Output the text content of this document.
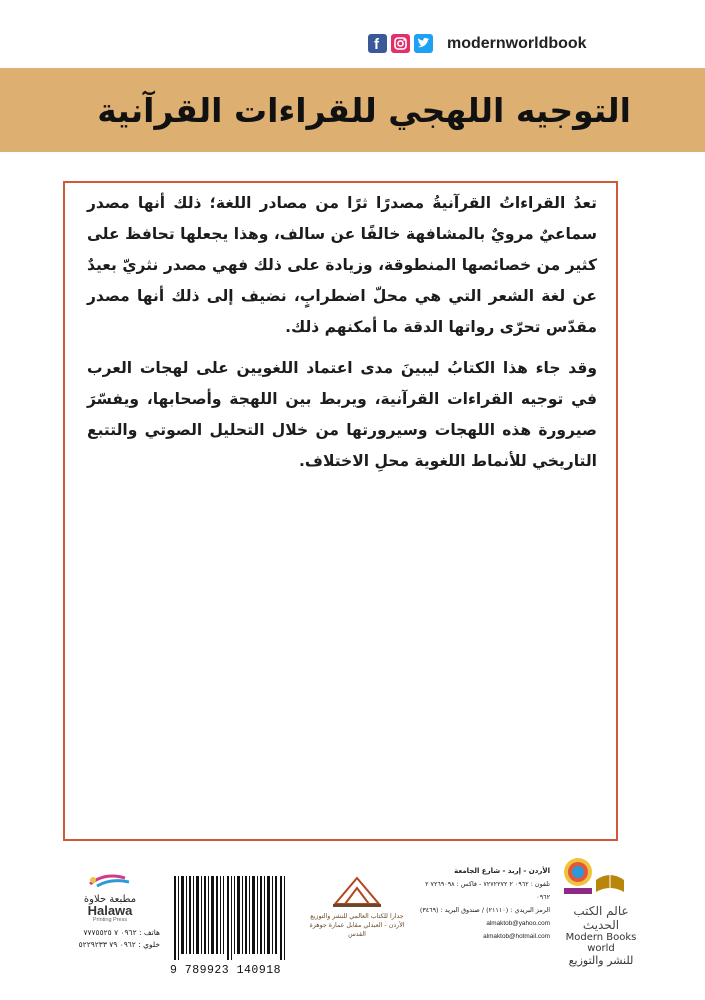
f	modernworldbook
التوجيه اللهجي للقراءات القرآنية

تعدُ القراءاتُ القرآنيةُ مصدرًا ثرًا من مصادر اللغة؛ ذلك أنها مصدر سماعيٌ مرويٌ بالمشافهة خالفًا عن سالف، وهذا يجعلها تحافظ على كثير من خصائصها المنطوقة، وزيادة على ذلك فهي مصدر نثريّ بعيدٌ عن لغة الشعر التي هي محلّ اضطرابٍ، نضيف إلى ذلك أنها مصدر مقدّس تحرّى رواتها الدقة ما أمكنهم ذلك.

وقد جاء هذا الكتابُ ليبينَ مدى اعتماد اللغويين على لهجات العرب في توجيه القراءات القرآنية، ويربط بين اللهجة وأصحابها، ويفسّرَ صيرورة هذه اللهجات وسيرورتها من خلال التحليل الصوتي والتتبع التاريخي للأنماط اللغوية محلِ الاختلاف.

عالم الكتب الحديث
Modern Books world
للنشر والتوزيع
الأردن - إربد - شارع الجامعة
تلفون : ٠٩٦٢ ٢ ٧٢٧٢٢٧٢ - فاكس : ٧٢٦٩٠٩٨ ٢ ٠٩٦٢
الرمز البريدي : (٢١١١٠) / صندوق البريد : (٣٤٦٩)
almaktob@yahoo.com
almaktob@hotmail.com
جدارا للكتاب العالمي للنشر والتوزيع
الأردن - العبدلي مقابل عمارة جوهرة القدس
9 789923 140918
مطبعة حلاوة
Halawa
Printing Press
هاتف : ٠٩٦٢ ٧ ٧٧٧٥٥٢٥
خلوي : ٠٩٦٢ ٧٩ ٥٢٢٩٢٣٣
